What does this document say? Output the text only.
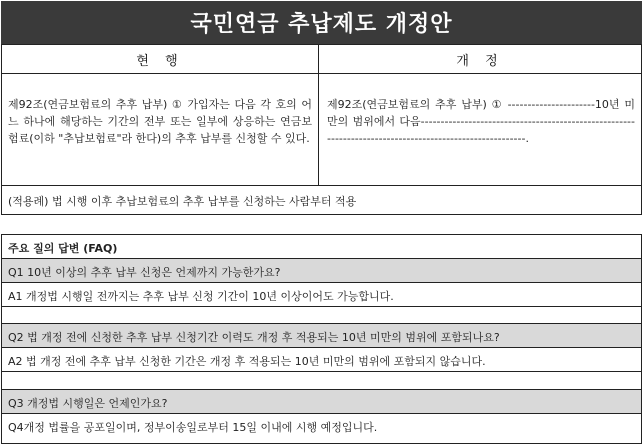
국민연금 추납제도 개정안
현 행	개 정
제92조(연금보험료의 추후 납부) ① 가입자는 다음 각 호의 어느 하나에 해당하는 기간의 전부 또는 일부에 상응하는 연금보험료(이하 "추납보험료"라 한다)의 추후 납부를 신청할 수 있다.
제92조(연금보험료의 추후 납부) ① ----------------------10년 미만의 범위에서 다음--------------------------------------------------------------------------------------------------------.
(적용례) 법 시행 이후 추납보험료의 추후 납부를 신청하는 사람부터 적용
주요 질의 답변 (FAQ)
Q1 10년 이상의 추후 납부 신청은 언제까지 가능한가요?
A1 개정법 시행일 전까지는 추후 납부 신청 기간이 10년 이상이어도 가능합니다.
Q2 법 개정 전에 신청한 추후 납부 신청기간 이력도 개정 후 적용되는 10년 미만의 범위에 포함되나요?
A2 법 개정 전에 추후 납부 신청한 기간은 개정 후 적용되는 10년 미만의 범위에 포함되지 않습니다.
Q3 개정법 시행일은 언제인가요?
Q4개정 법률을 공포일이며, 정부이송일로부터 15일 이내에 시행 예정입니다.
